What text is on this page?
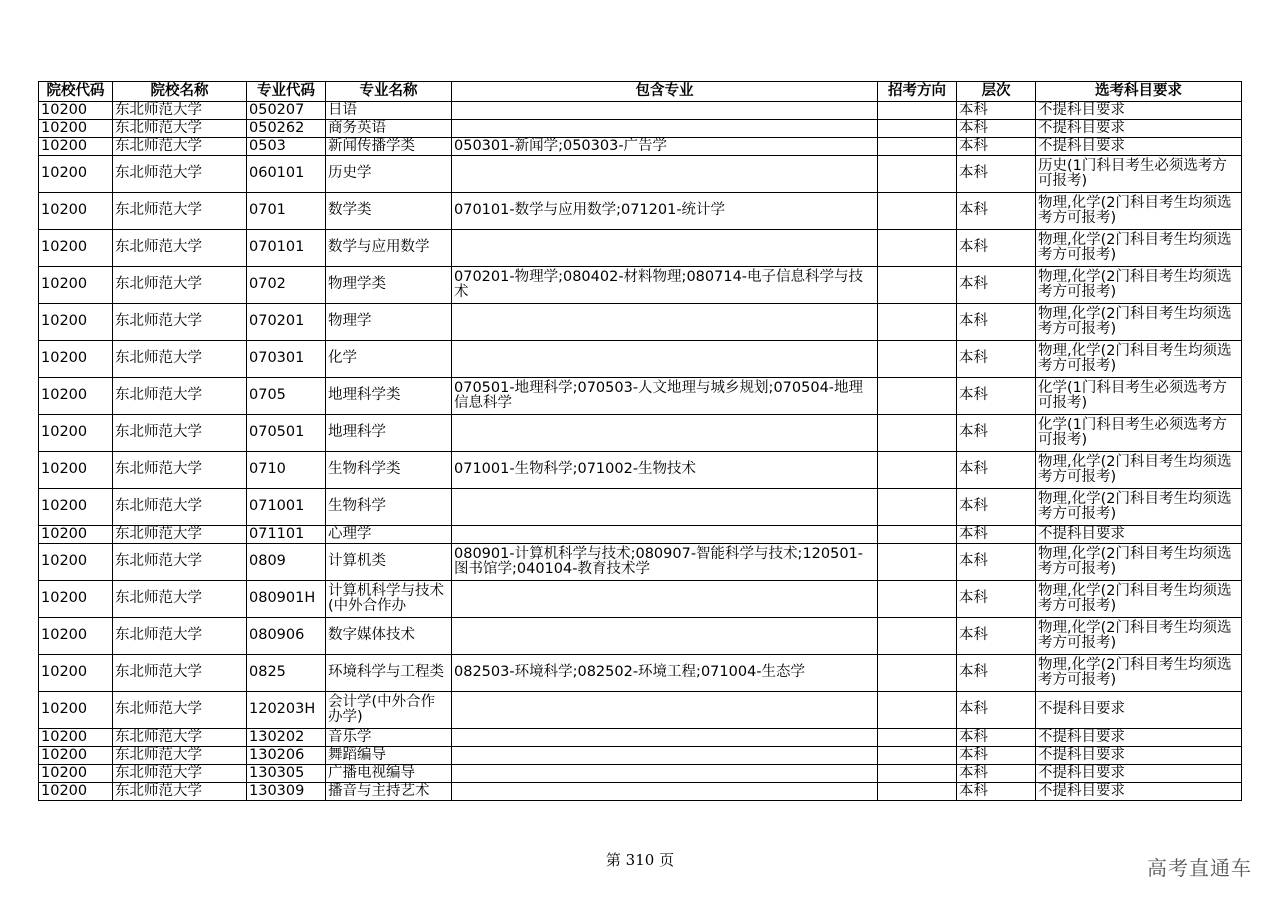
院校代码	院校名称	专业代码	专业名称	包含专业	招考方向	层次	选考科目要求
10200	东北师范大学	050207	日语			本科	不提科目要求
10200	东北师范大学	050262	商务英语			本科	不提科目要求
10200	东北师范大学	0503	新闻传播学类	050301-新闻学;050303-广告学		本科	不提科目要求
10200	东北师范大学	060101	历史学			本科	历史(1门科目考生必须选考方可报考)
10200	东北师范大学	0701	数学类	070101-数学与应用数学;071201-统计学		本科	物理,化学(2门科目考生均须选考方可报考)
10200	东北师范大学	070101	数学与应用数学			本科	物理,化学(2门科目考生均须选考方可报考)
10200	东北师范大学	0702	物理学类	070201-物理学;080402-材料物理;080714-电子信息科学与技术		本科	物理,化学(2门科目考生均须选考方可报考)
10200	东北师范大学	070201	物理学			本科	物理,化学(2门科目考生均须选考方可报考)
10200	东北师范大学	070301	化学			本科	物理,化学(2门科目考生均须选考方可报考)
10200	东北师范大学	0705	地理科学类	070501-地理科学;070503-人文地理与城乡规划;070504-地理信息科学		本科	化学(1门科目考生必须选考方可报考)
10200	东北师范大学	070501	地理科学			本科	化学(1门科目考生必须选考方可报考)
10200	东北师范大学	0710	生物科学类	071001-生物科学;071002-生物技术		本科	物理,化学(2门科目考生均须选考方可报考)
10200	东北师范大学	071001	生物科学			本科	物理,化学(2门科目考生均须选考方可报考)
10200	东北师范大学	071101	心理学			本科	不提科目要求
10200	东北师范大学	0809	计算机类	080901-计算机科学与技术;080907-智能科学与技术;120501-图书馆学;040104-教育技术学		本科	物理,化学(2门科目考生均须选考方可报考)
10200	东北师范大学	080901H	计算机科学与技术(中外合作办			本科	物理,化学(2门科目考生均须选考方可报考)
10200	东北师范大学	080906	数字媒体技术			本科	物理,化学(2门科目考生均须选考方可报考)
10200	东北师范大学	0825	环境科学与工程类	082503-环境科学;082502-环境工程;071004-生态学		本科	物理,化学(2门科目考生均须选考方可报考)
10200	东北师范大学	120203H	会计学(中外合作办学)			本科	不提科目要求
10200	东北师范大学	130202	音乐学			本科	不提科目要求
10200	东北师范大学	130206	舞蹈编导			本科	不提科目要求
10200	东北师范大学	130305	广播电视编导			本科	不提科目要求
10200	东北师范大学	130309	播音与主持艺术			本科	不提科目要求
第 310 页	高考直通车
